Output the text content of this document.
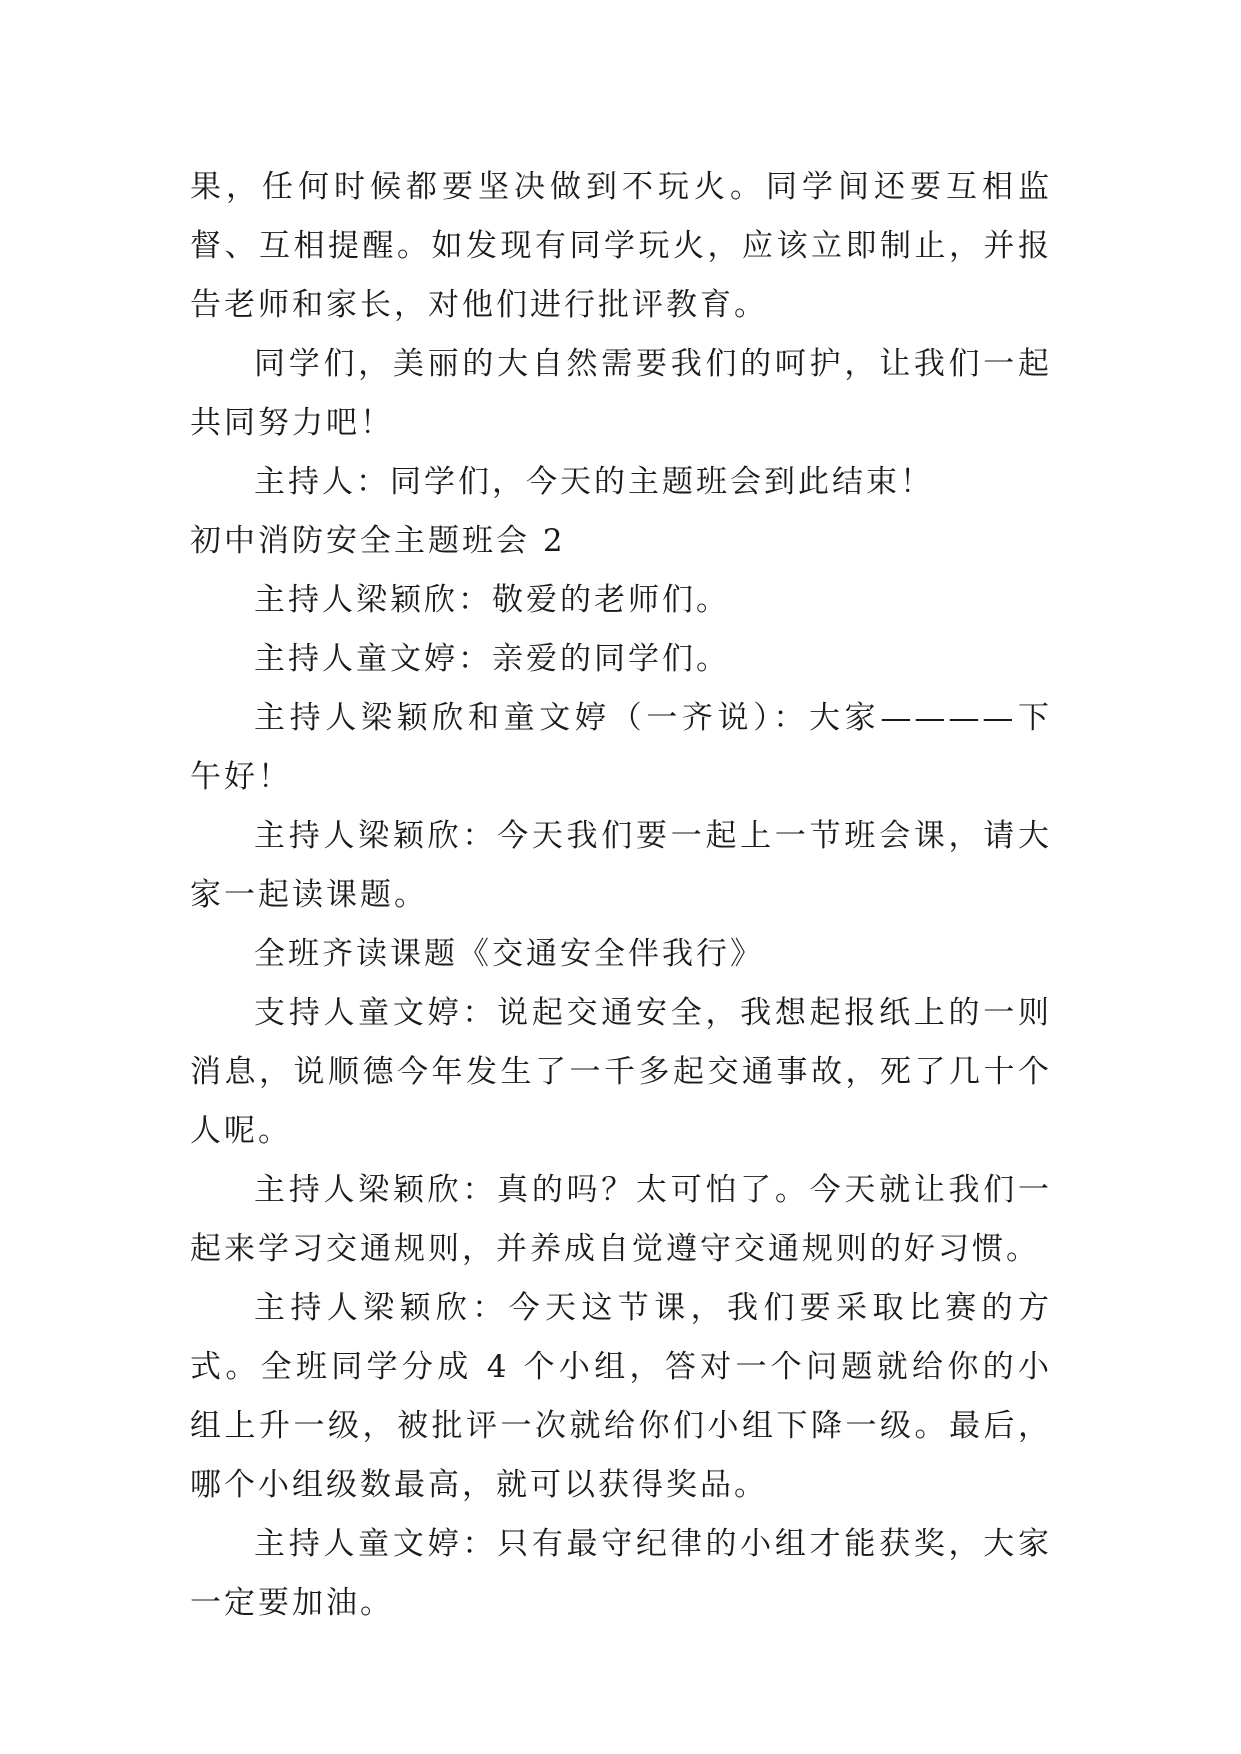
果，任何时候都要坚决做到不玩火。同学间还要互相监督、互相提醒。如发现有同学玩火，应该立即制止，并报告老师和家长，对他们进行批评教育。

同学们，美丽的大自然需要我们的呵护，让我们一起共同努力吧！

主持人：同学们，今天的主题班会到此结束！

初中消防安全主题班会 2

主持人梁颖欣：敬爱的老师们。

主持人童文婷：亲爱的同学们。

主持人梁颖欣和童文婷（一齐说）：大家————下午好！

主持人梁颖欣：今天我们要一起上一节班会课，请大家一起读课题。

全班齐读课题《交通安全伴我行》

支持人童文婷：说起交通安全，我想起报纸上的一则消息，说顺德今年发生了一千多起交通事故，死了几十个人呢。

主持人梁颖欣：真的吗？太可怕了。今天就让我们一起来学习交通规则，并养成自觉遵守交通规则的好习惯。

主持人梁颖欣：今天这节课，我们要采取比赛的方式。全班同学分成 4 个小组，答对一个问题就给你的小组上升一级，被批评一次就给你们小组下降一级。最后，哪个小组级数最高，就可以获得奖品。

主持人童文婷：只有最守纪律的小组才能获奖，大家一定要加油。
